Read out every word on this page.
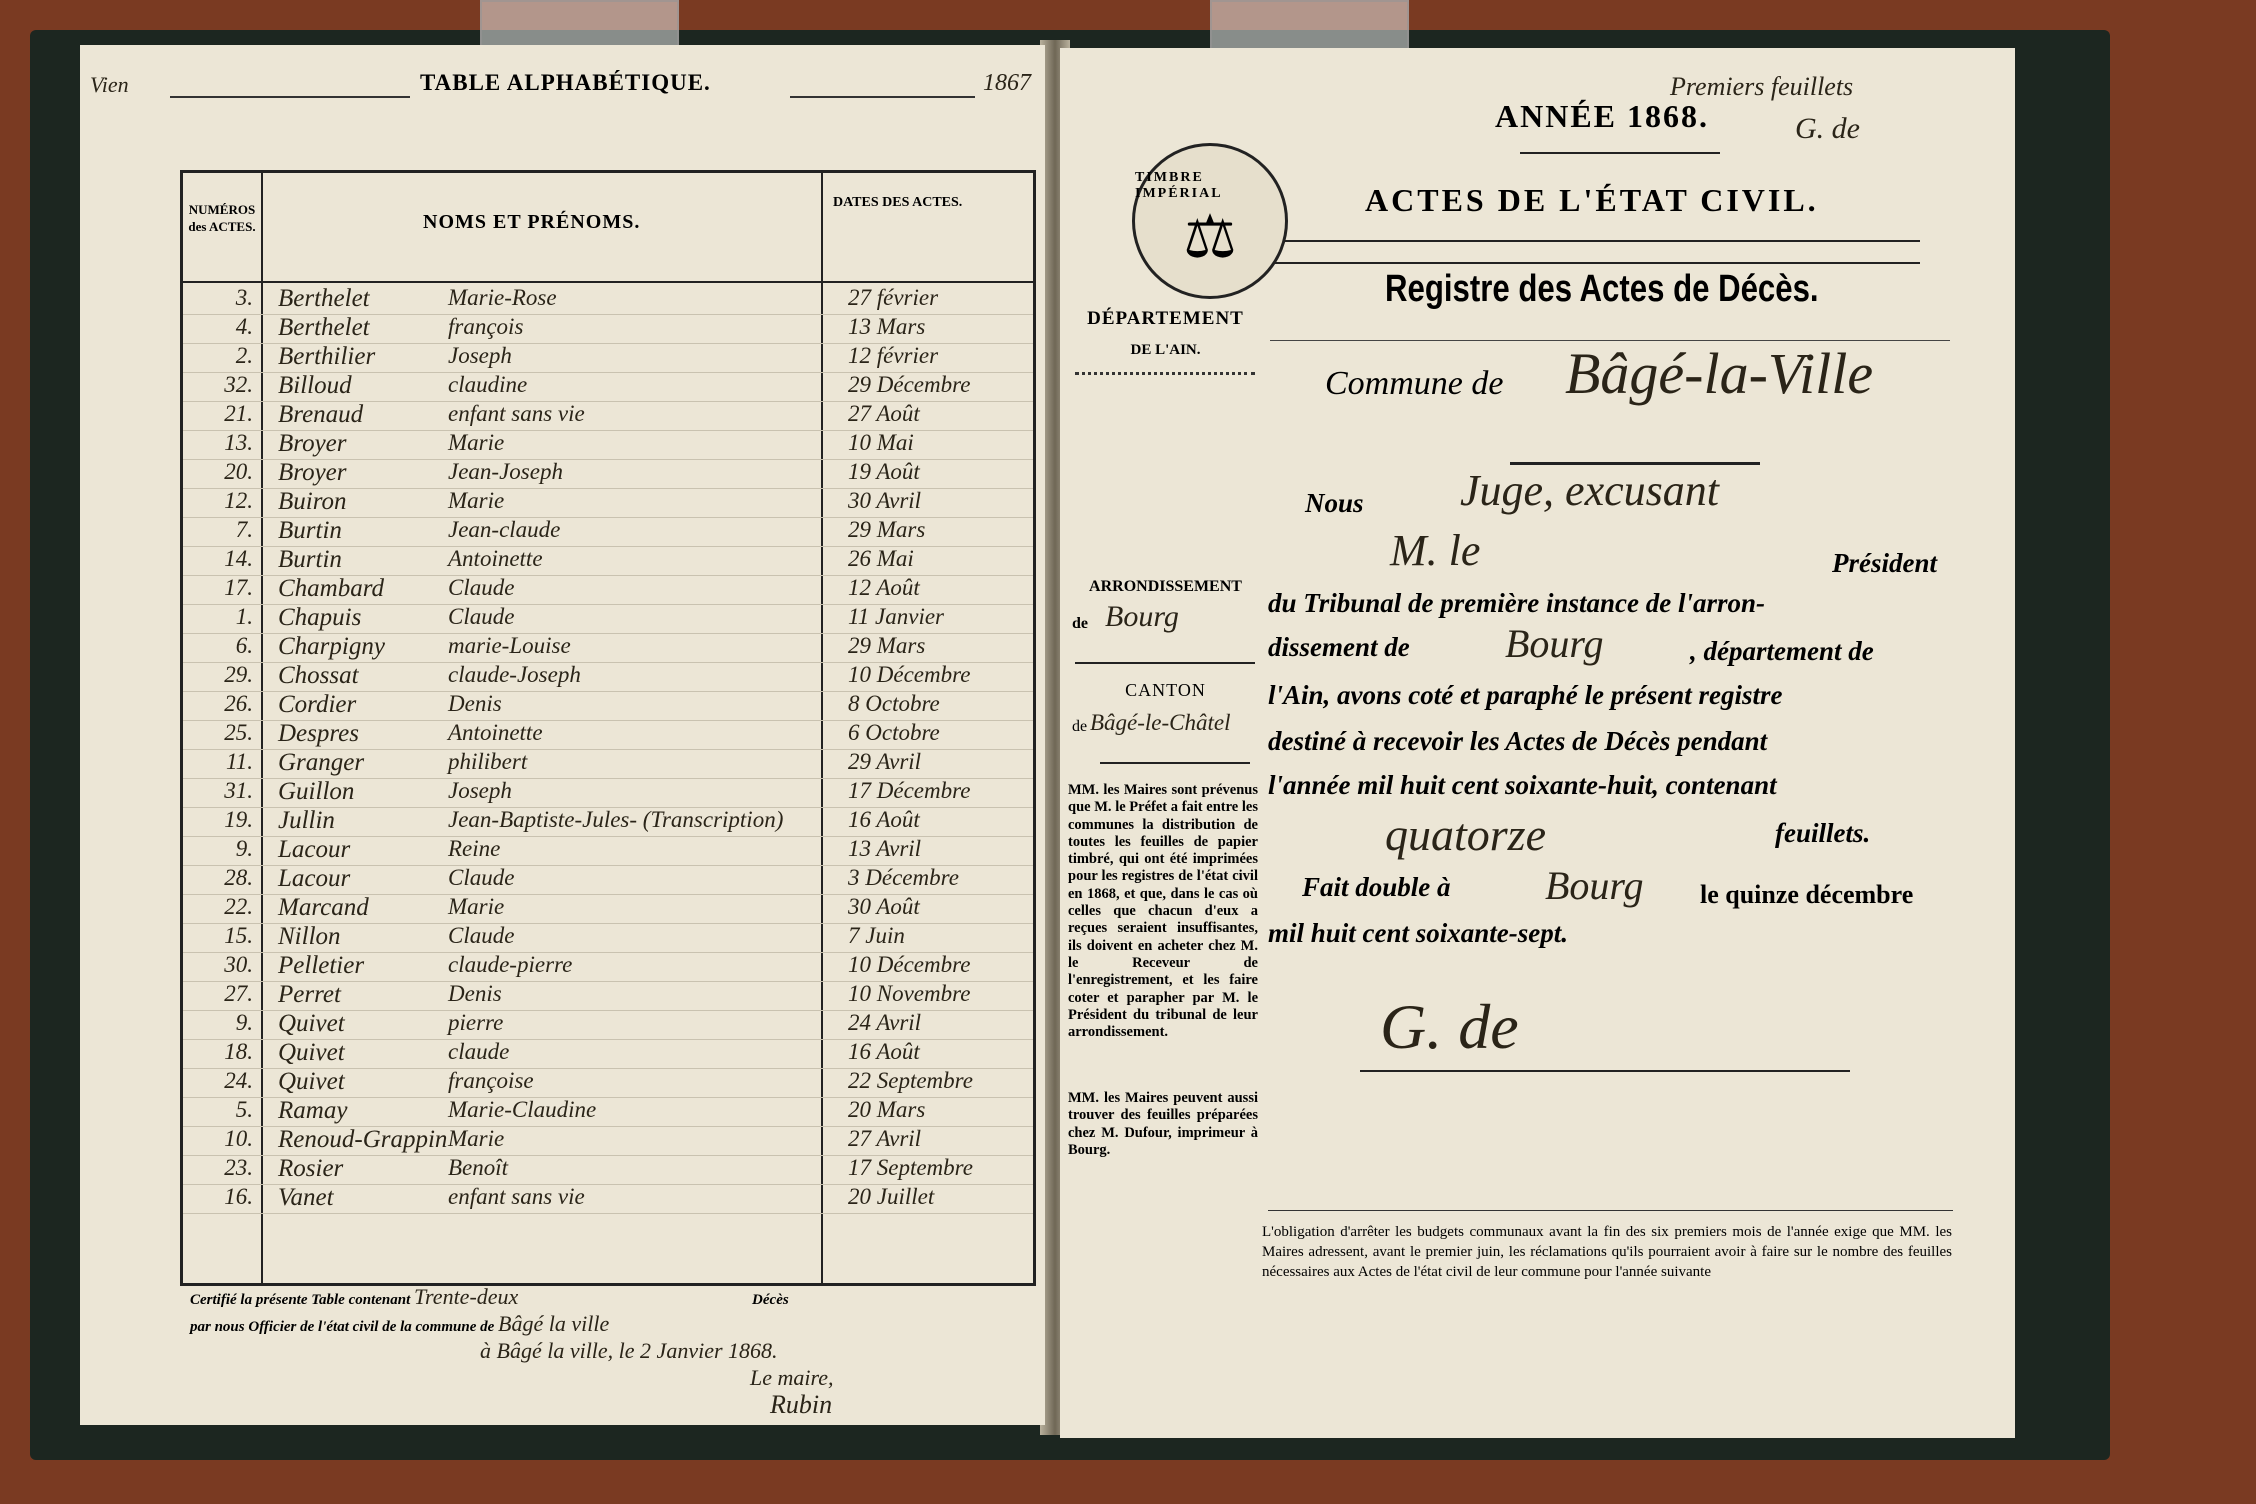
Vien	TABLE ALPHABÉTIQUE.	1867
NUMÉROS des ACTES.	NOMS ET PRÉNOMS.
DATES DES ACTES.
3. Berthelet	Marie-Rose	27 février
4. Berthelet	françois	13 Mars
2. Berthilier	Joseph	12 février
32. Billoud	claudine	29 Décembre
21. Brenaud	enfant sans vie	27 Août
13. Broyer	Marie	10 Mai
20. Broyer	Jean-Joseph	19 Août
12. Buiron	Marie	30 Avril
7. Burtin	Jean-claude	29 Mars
14. Burtin	Antoinette	26 Mai
17. Chambard	Claude	12 Août
1. Chapuis	Claude	11 Janvier
6. Charpigny	marie-Louise	29 Mars
29. Chossat	claude-Joseph	10 Décembre
26. Cordier	Denis	8 Octobre
25. Despres	Antoinette	6 Octobre
11. Granger	philibert	29 Avril
31. Guillon	Joseph	17 Décembre
19. Jullin	Jean-Baptiste-Jules- (Transcription)	16 Août
9. Lacour	Reine	13 Avril
28. Lacour	Claude	3 Décembre
22. Marcand	Marie	30 Août
15. Nillon	Claude	7 Juin
30. Pelletier	claude-pierre	10 Décembre
27. Perret	Denis	10 Novembre
9. Quivet	pierre	24 Avril
18. Quivet	claude	16 Août
24. Quivet	françoise	22 Septembre
5. Ramay	Marie-Claudine	20 Mars
10. Renoud-Grappin Marie	27 Avril
23. Rosier	Benoît	17 Septembre
16. Vanet	enfant sans vie	20 Juillet
Certifié la présente Table contenant Trente-deux	Décès
par nous Officier de l'état civil de la commune de Bâgé la ville
à Bâgé la ville, le 2 Janvier 1868.
Le maire,
Rubin
Premiers feuillets
G. de
ANNÉE 1868.
ACTES DE L'ÉTAT CIVIL.
TIMBRE IMPÉRIAL
⚖
Registre des Actes de Décès.
DÉPARTEMENT
DE L'AIN.
Commune de Bâgé-la-Ville
ARRONDISSEMENT
de Bourg
CANTON
de Bâgé-le-Châtel
MM. les Maires sont prévenus que M. le Préfet a fait entre les communes la distribution de toutes les feuilles de papier timbré, qui ont été imprimées pour les registres de l'état civil en 1868, et que, dans le cas où celles que chacun d'eux a reçues seraient insuffisantes, ils doivent en acheter chez M. le Receveur de l'enregistrement, et les faire coter et parapher par M. le Président du tribunal de leur arrondissement.
MM. les Maires peuvent aussi trouver des feuilles préparées chez M. Dufour, imprimeur à Bourg.
Nous Juge, excusant
M. le	Président
du Tribunal de première instance de l'arron-
dissement de Bourg	, département de
l'Ain, avons coté et paraphé le présent registre
destiné à recevoir les Actes de Décès pendant
l'année mil huit cent soixante-huit, contenant
quatorze	feuillets.
Fait double à Bourg le quinze décembre
mil huit cent soixante-sept.
G. de
L'obligation d'arrêter les budgets communaux avant la fin des six premiers mois de l'année exige que MM. les Maires adressent, avant le premier juin, les réclamations qu'ils pourraient avoir à faire sur le nombre des feuilles nécessaires aux Actes de l'état civil de leur commune pour l'année suivante
